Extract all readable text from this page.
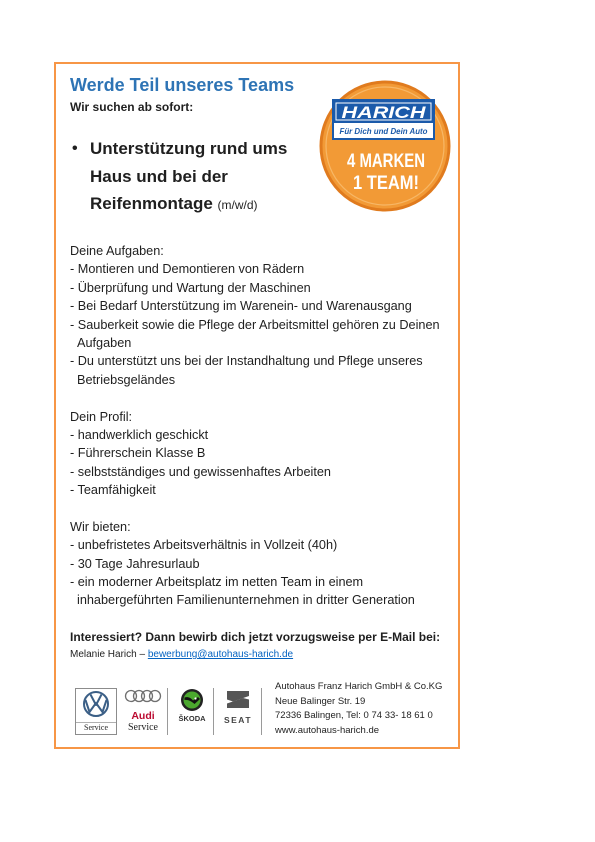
Werde Teil unseres Teams
Wir suchen ab sofort:
• Unterstützung rund ums
Haus und bei der
Reifenmontage (m/w/d)
HARICH
Für Dich und Dein Auto
4 MARKEN
1 TEAM!
Deine Aufgaben:
- Montieren und Demontieren von Rädern
- Überprüfung und Wartung der Maschinen
- Bei Bedarf Unterstützung im Warenein- und Warenausgang
- Sauberkeit sowie die Pflege der Arbeitsmittel gehören zu Deinen
Aufgaben
- Du unterstützt uns bei der Instandhaltung und Pflege unseres
Betriebsgeländes
Dein Profil:
- handwerklich geschickt
- Führerschein Klasse B
- selbstständiges und gewissenhaftes Arbeiten
- Teamfähigkeit
Wir bieten:
- unbefristetes Arbeitsverhältnis in Vollzeit (40h)
- 30 Tage Jahresurlaub
- ein moderner Arbeitsplatz im netten Team in einem
inhabergeführten Familienunternehmen in dritter Generation
Interessiert? Dann bewirb dich jetzt vorzugsweise per E-Mail bei:
Melanie Harich – bewerbung@autohaus-harich.de
Service
Audi
Service
ŠKODA	SEAT
Autohaus Franz Harich GmbH & Co.KG
Neue Balinger Str. 19
72336 Balingen, Tel: 0 74 33- 18 61 0
www.autohaus-harich.de
